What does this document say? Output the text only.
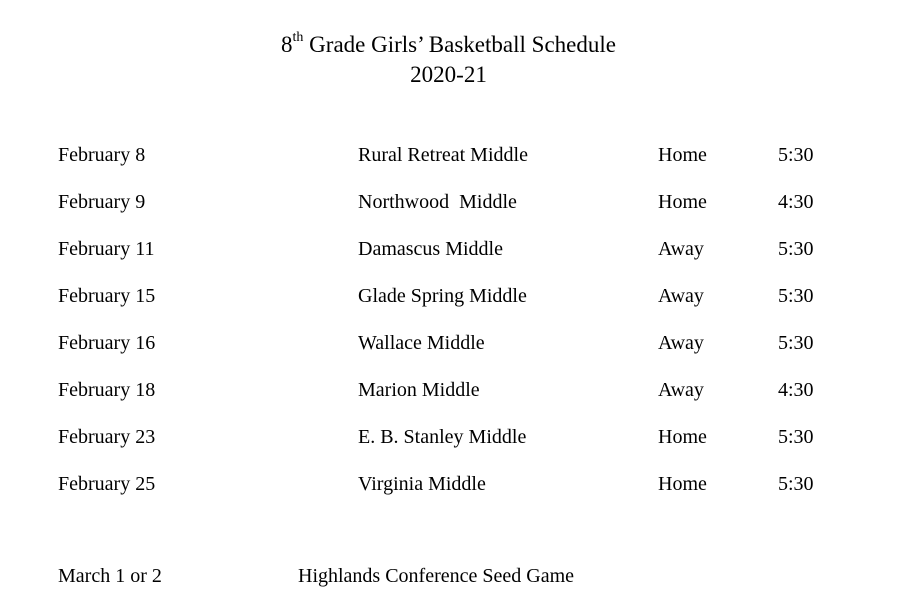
8th Grade Girls’ Basketball Schedule
2020-21
February 8	Rural Retreat Middle	Home	5:30
February 9	Northwood  Middle	Home	4:30
February 11	Damascus Middle	Away	5:30
February 15	Glade Spring Middle	Away	5:30
February 16	Wallace Middle	Away	5:30
February 18	Marion Middle	Away	4:30
February 23	E. B. Stanley Middle	Home	5:30
February 25	Virginia Middle	Home	5:30
March 1 or 2	Highlands Conference Seed Game
